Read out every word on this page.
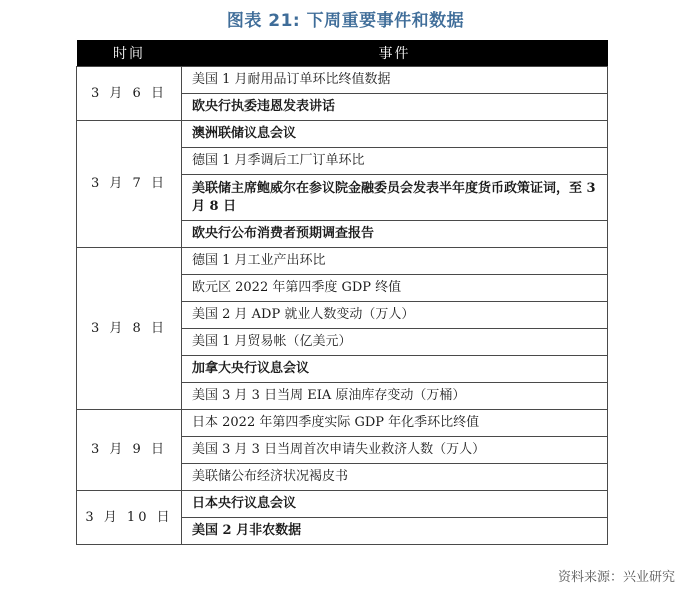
图表 21: 下周重要事件和数据
时间	事件
3 月 6 日	美国 1 月耐用品订单环比终值数据
	欧央行执委违恩发表讲话
3 月 7 日	澳洲联储议息会议
	德国 1 月季调后工厂订单环比
	美联储主席鲍威尔在参议院金融委员会发表半年度货币政策证词，至 3 月 8 日
	欧央行公布消费者预期调查报告
3 月 8 日	德国 1 月工业产出环比
	欧元区 2022 年第四季度 GDP 终值
	美国 2 月 ADP 就业人数变动（万人）
	美国 1 月贸易帐（亿美元）
	加拿大央行议息会议
	美国 3 月 3 日当周 EIA 原油库存变动（万桶）
3 月 9 日	日本 2022 年第四季度实际 GDP 年化季环比终值
	美国 3 月 3 日当周首次申请失业救济人数（万人）
	美联储公布经济状况褐皮书
3 月 10 日	日本央行议息会议
	美国 2 月非农数据
资料来源：兴业研究
